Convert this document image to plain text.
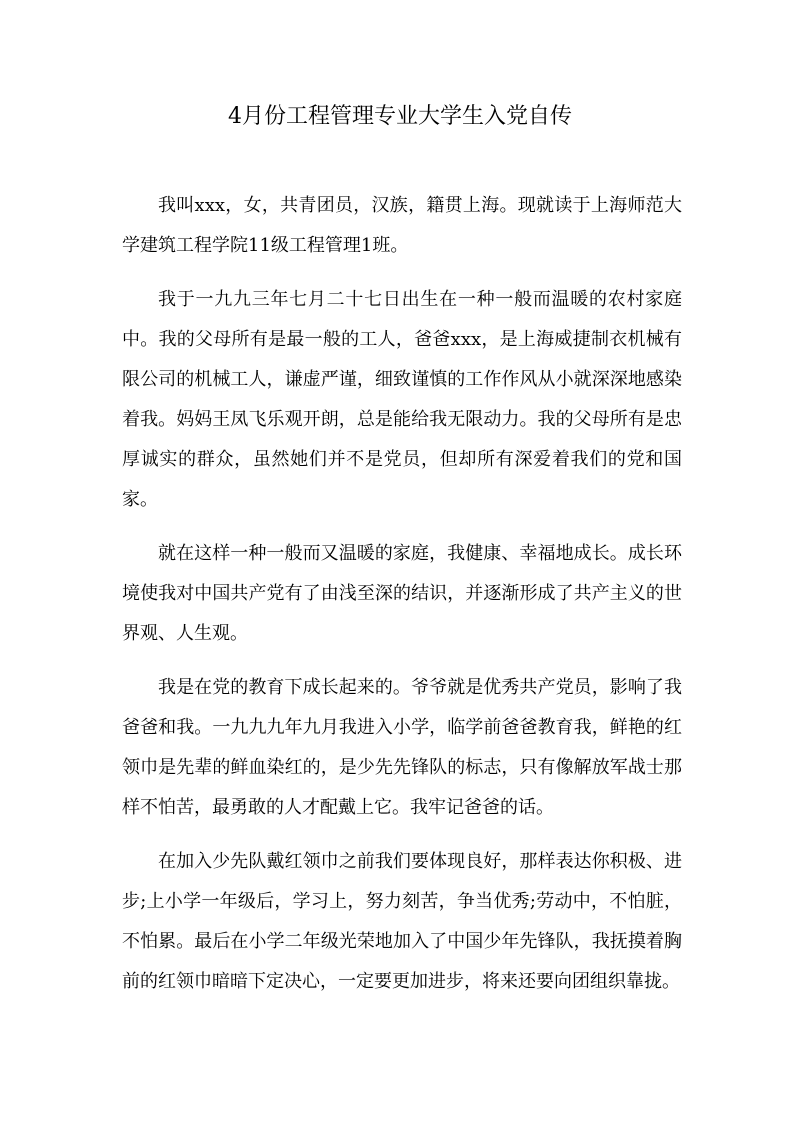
4月份工程管理专业大学生入党自传

我叫xxx，女，共青团员，汉族，籍贯上海。现就读于上海师范大学建筑工程学院11级工程管理1班。

我于一九九三年七月二十七日出生在一种一般而温暖的农村家庭中。我的父母所有是最一般的工人，爸爸xxx，是上海威捷制衣机械有限公司的机械工人，谦虚严谨，细致谨慎的工作作风从小就深深地感染着我。妈妈王凤飞乐观开朗，总是能给我无限动力。我的父母所有是忠厚诚实的群众，虽然她们并不是党员，但却所有深爱着我们的党和国家。

就在这样一种一般而又温暖的家庭，我健康、幸福地成长。成长环境使我对中国共产党有了由浅至深的结识，并逐渐形成了共产主义的世界观、人生观。

我是在党的教育下成长起来的。爷爷就是优秀共产党员，影响了我爸爸和我。一九九九年九月我进入小学，临学前爸爸教育我，鲜艳的红领巾是先辈的鲜血染红的，是少先先锋队的标志，只有像解放军战士那样不怕苦，最勇敢的人才配戴上它。我牢记爸爸的话。

在加入少先队戴红领巾之前我们要体现良好，那样表达你积极、进步;上小学一年级后，学习上，努力刻苦，争当优秀;劳动中，不怕脏，不怕累。最后在小学二年级光荣地加入了中国少年先锋队，我抚摸着胸前的红领巾暗暗下定决心，一定要更加进步，将来还要向团组织靠拢。
